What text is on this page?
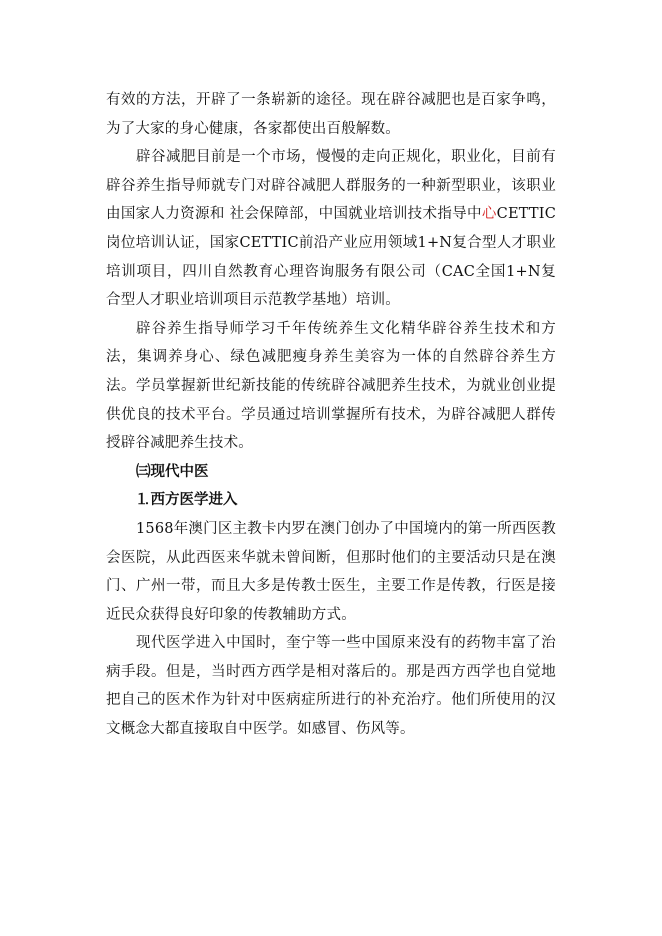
有效的方法，开辟了一条崭新的途径。现在辟谷减肥也是百家争鸣，为了大家的身心健康，各家都使出百般解数。

辟谷减肥目前是一个市场，慢慢的走向正规化，职业化，目前有辟谷养生指导师就专门对辟谷减肥人群服务的一种新型职业，该职业由国家人力资源和 社会保障部，中国就业培训技术指导中心CETTIC岗位培训认证，国家CETTIC前沿产业应用领域1+N复合型人才职业培训项目，四川自然教育心理咨询服务有限公司（CAC全国1+N复合型人才职业培训项目示范教学基地）培训。

辟谷养生指导师学习千年传统养生文化精华辟谷养生技术和方法，集调养身心、绿色减肥瘦身养生美容为一体的自然辟谷养生方法。学员掌握新世纪新技能的传统辟谷减肥养生技术，为就业创业提供优良的技术平台。学员通过培训掌握所有技术，为辟谷减肥人群传授辟谷减肥养生技术。

㈢现代中医

⒈西方医学进入

1568年澳门区主教卡内罗在澳门创办了中国境内的第一所西医教会医院，从此西医来华就未曾间断，但那时他们的主要活动只是在澳门、广州一带，而且大多是传教士医生，主要工作是传教，行医是接近民众获得良好印象的传教辅助方式。

现代医学进入中国时，奎宁等一些中国原来没有的药物丰富了治病手段。但是，当时西方西学是相对落后的。那是西方西学也自觉地把自己的医术作为针对中医病症所进行的补充治疗。他们所使用的汉文概念大都直接取自中医学。如感冒、伤风等。
